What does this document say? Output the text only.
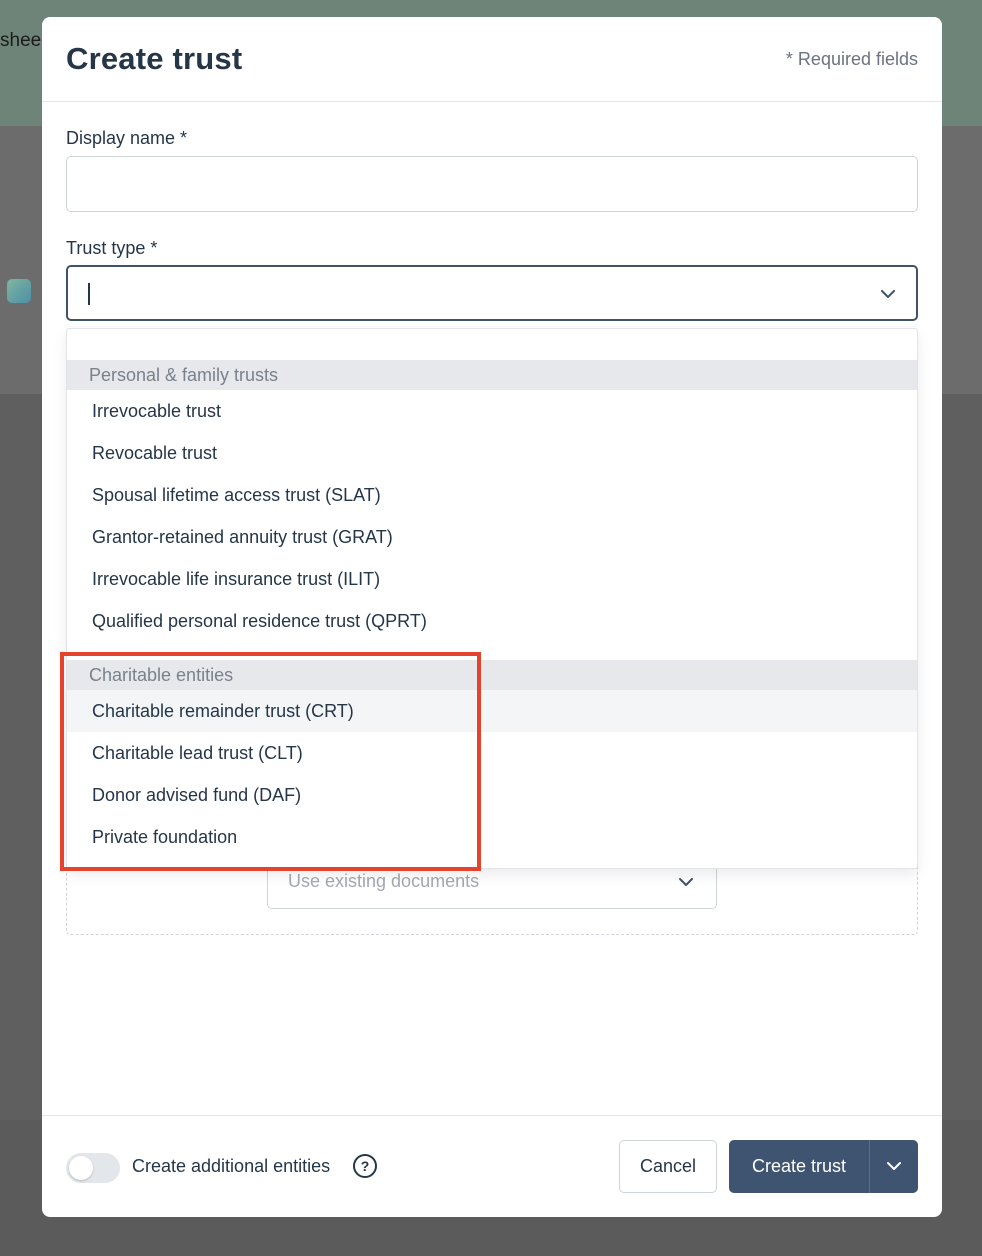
shee
Create trust	* Required fields
Display name *
Trust type *
Use existing documents
Personal & family trusts
Irrevocable trust
Revocable trust
Spousal lifetime access trust (SLAT)
Grantor-retained annuity trust (GRAT)
Irrevocable life insurance trust (ILIT)
Qualified personal residence trust (QPRT)
Charitable entities
Charitable remainder trust (CRT)
Charitable lead trust (CLT)
Donor advised fund (DAF)
Private foundation
Create additional entities	?	Cancel	Create trust
